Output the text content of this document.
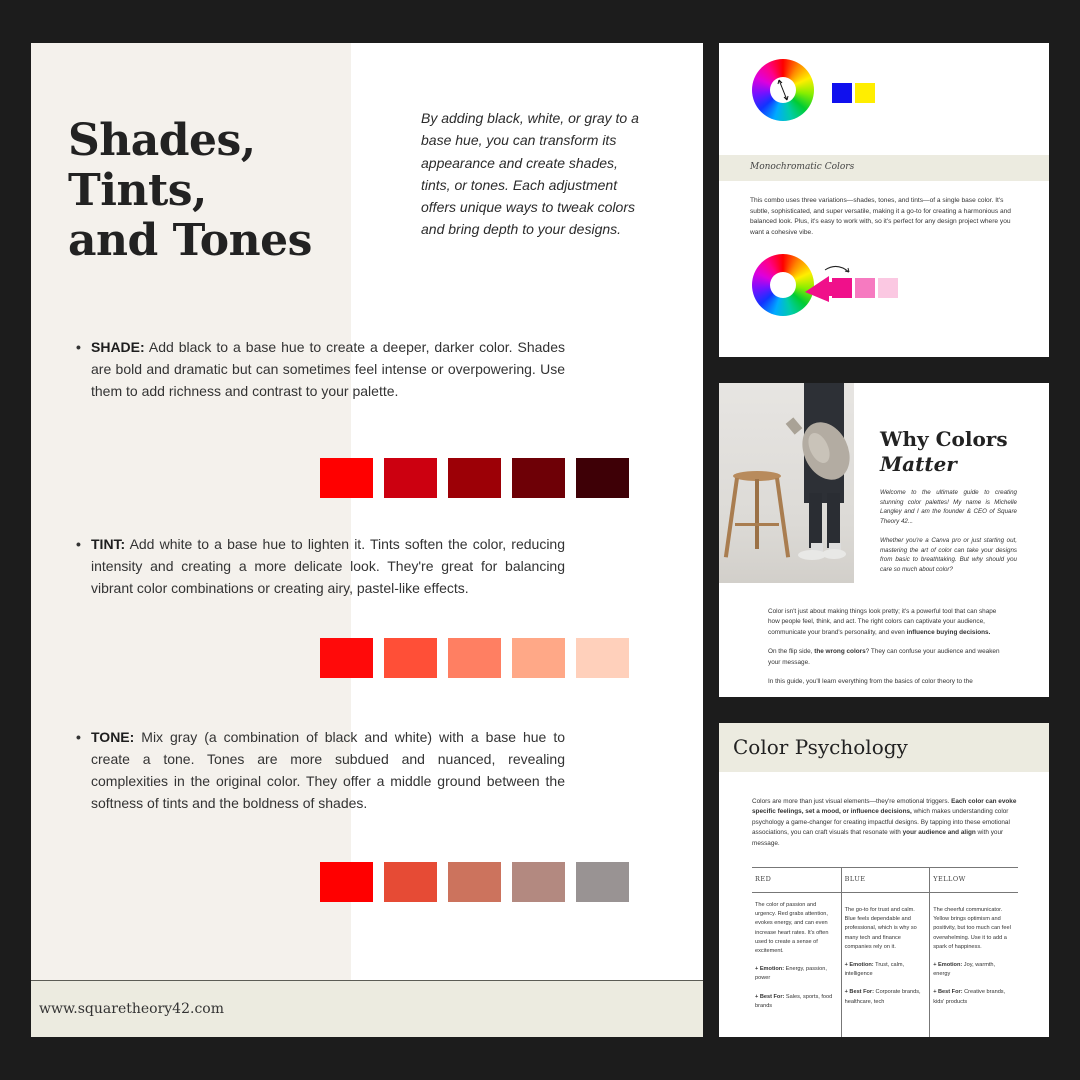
Shades, Tints,
and Tones

By adding black, white, or gray to a base hue, you can transform its appearance and create shades, tints, or tones. Each adjustment offers unique ways to tweak colors and bring depth to your designs.

• SHADE: Add black to a base hue to create a deeper, darker color. Shades are bold and dramatic but can sometimes feel intense or overpowering. Use them to add richness and contrast to your palette.
• TINT: Add white to a base hue to lighten it. Tints soften the color, reducing intensity and creating a more delicate look. They're great for balancing vibrant color combinations or creating airy, pastel-like effects.
• TONE: Mix gray (a combination of black and white) with a base hue to create a tone. Tones are more subdued and nuanced, revealing complexities in the original color. They offer a middle ground between the softness of tints and the boldness of shades.
www.squaretheory42.com
Monochromatic Colors

This combo uses three variations—shades, tones, and tints—of a single base color. It's subtle, sophisticated, and super versatile, making it a go-to for creating a harmonious and balanced look. Plus, it's easy to work with, so it's perfect for any design project where you want a cohesive vibe.

Why Colors
Matter

Welcome to the ultimate guide to creating stunning color palettes! My name is Michelle Langley and I am the founder & CEO of Square Theory 42...

Whether you're a Canva pro or just starting out, mastering the art of color can take your designs from basic to breathtaking. But why should you care so much about color?

Color isn't just about making things look pretty; it's a powerful tool that can shape how people feel, think, and act. The right colors can captivate your audience, communicate your brand's personality, and even influence buying decisions.

On the flip side, the wrong colors? They can confuse your audience and weaken your message.

In this guide, you'll learn everything from the basics of color theory to the

Color Psychology

Colors are more than just visual elements—they're emotional triggers. Each color can evoke specific feelings, set a mood, or influence decisions, which makes understanding color psychology a game-changer for creating impactful designs. By tapping into these emotional associations, you can craft visuals that resonate with your audience and align with your message.

RED

The color of passion and urgency. Red grabs attention, evokes energy, and can even increase heart rates. It's often used to create a sense of excitement.

+ Emotion: Energy, passion, power

+ Best For: Sales, sports, food brands

BLUE

The go-to for trust and calm. Blue feels dependable and professional, which is why so many tech and finance companies rely on it.

+ Emotion: Trust, calm, intelligence

+ Best For: Corporate brands, healthcare, tech

YELLOW

The cheerful communicator. Yellow brings optimism and positivity, but too much can feel overwhelming. Use it to add a spark of happiness.

+ Emotion: Joy, warmth, energy

+ Best For: Creative brands, kids' products
